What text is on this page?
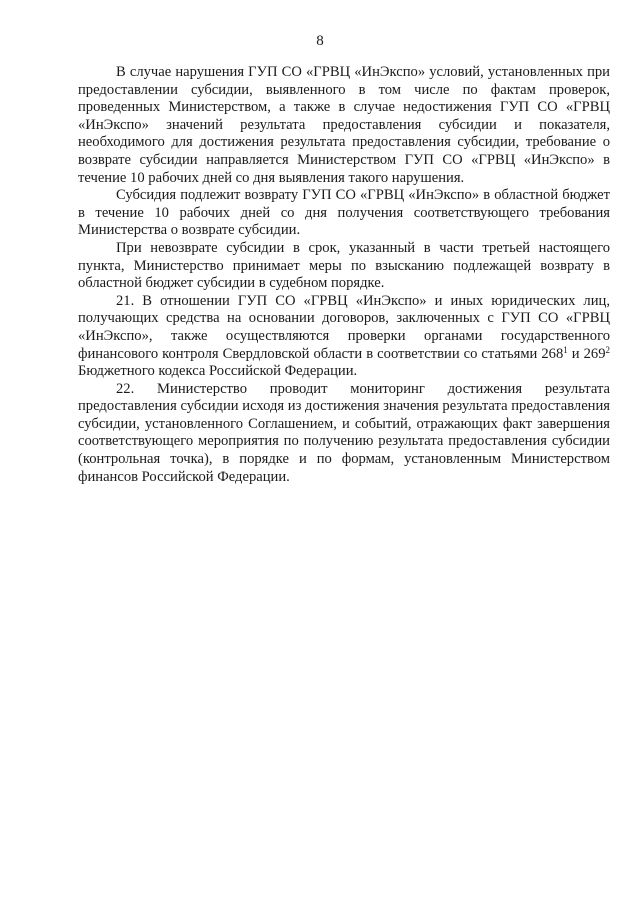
8

В случае нарушения ГУП СО «ГРВЦ «ИнЭкспо» условий, установленных при предоставлении субсидии, выявленного в том числе по фактам проверок, проведенных Министерством, а также в случае недостижения ГУП СО «ГРВЦ «ИнЭкспо» значений результата предоставления субсидии и показателя, необходимого для достижения результата предоставления субсидии, требование о возврате субсидии направляется Министерством ГУП СО «ГРВЦ «ИнЭкспо» в течение 10 рабочих дней со дня выявления такого нарушения.

Субсидия подлежит возврату ГУП СО «ГРВЦ «ИнЭкспо» в областной бюджет в течение 10 рабочих дней со дня получения соответствующего требования Министерства о возврате субсидии.

При невозврате субсидии в срок, указанный в части третьей настоящего пункта, Министерство принимает меры по взысканию подлежащей возврату в областной бюджет субсидии в судебном порядке.

21. В отношении ГУП СО «ГРВЦ «ИнЭкспо» и иных юридических лиц, получающих средства на основании договоров, заключенных с ГУП СО «ГРВЦ «ИнЭкспо», также осуществляются проверки органами государственного финансового контроля Свердловской области в соответствии со статьями $268^1$ и $269^2$ Бюджетного кодекса Российской Федерации.

22. Министерство проводит мониторинг достижения результата предоставления субсидии исходя из достижения значения результата предоставления субсидии, установленного Соглашением, и событий, отражающих факт завершения соответствующего мероприятия по получению результата предоставления субсидии (контрольная точка), в порядке и по формам, установленным Министерством финансов Российской Федерации.
